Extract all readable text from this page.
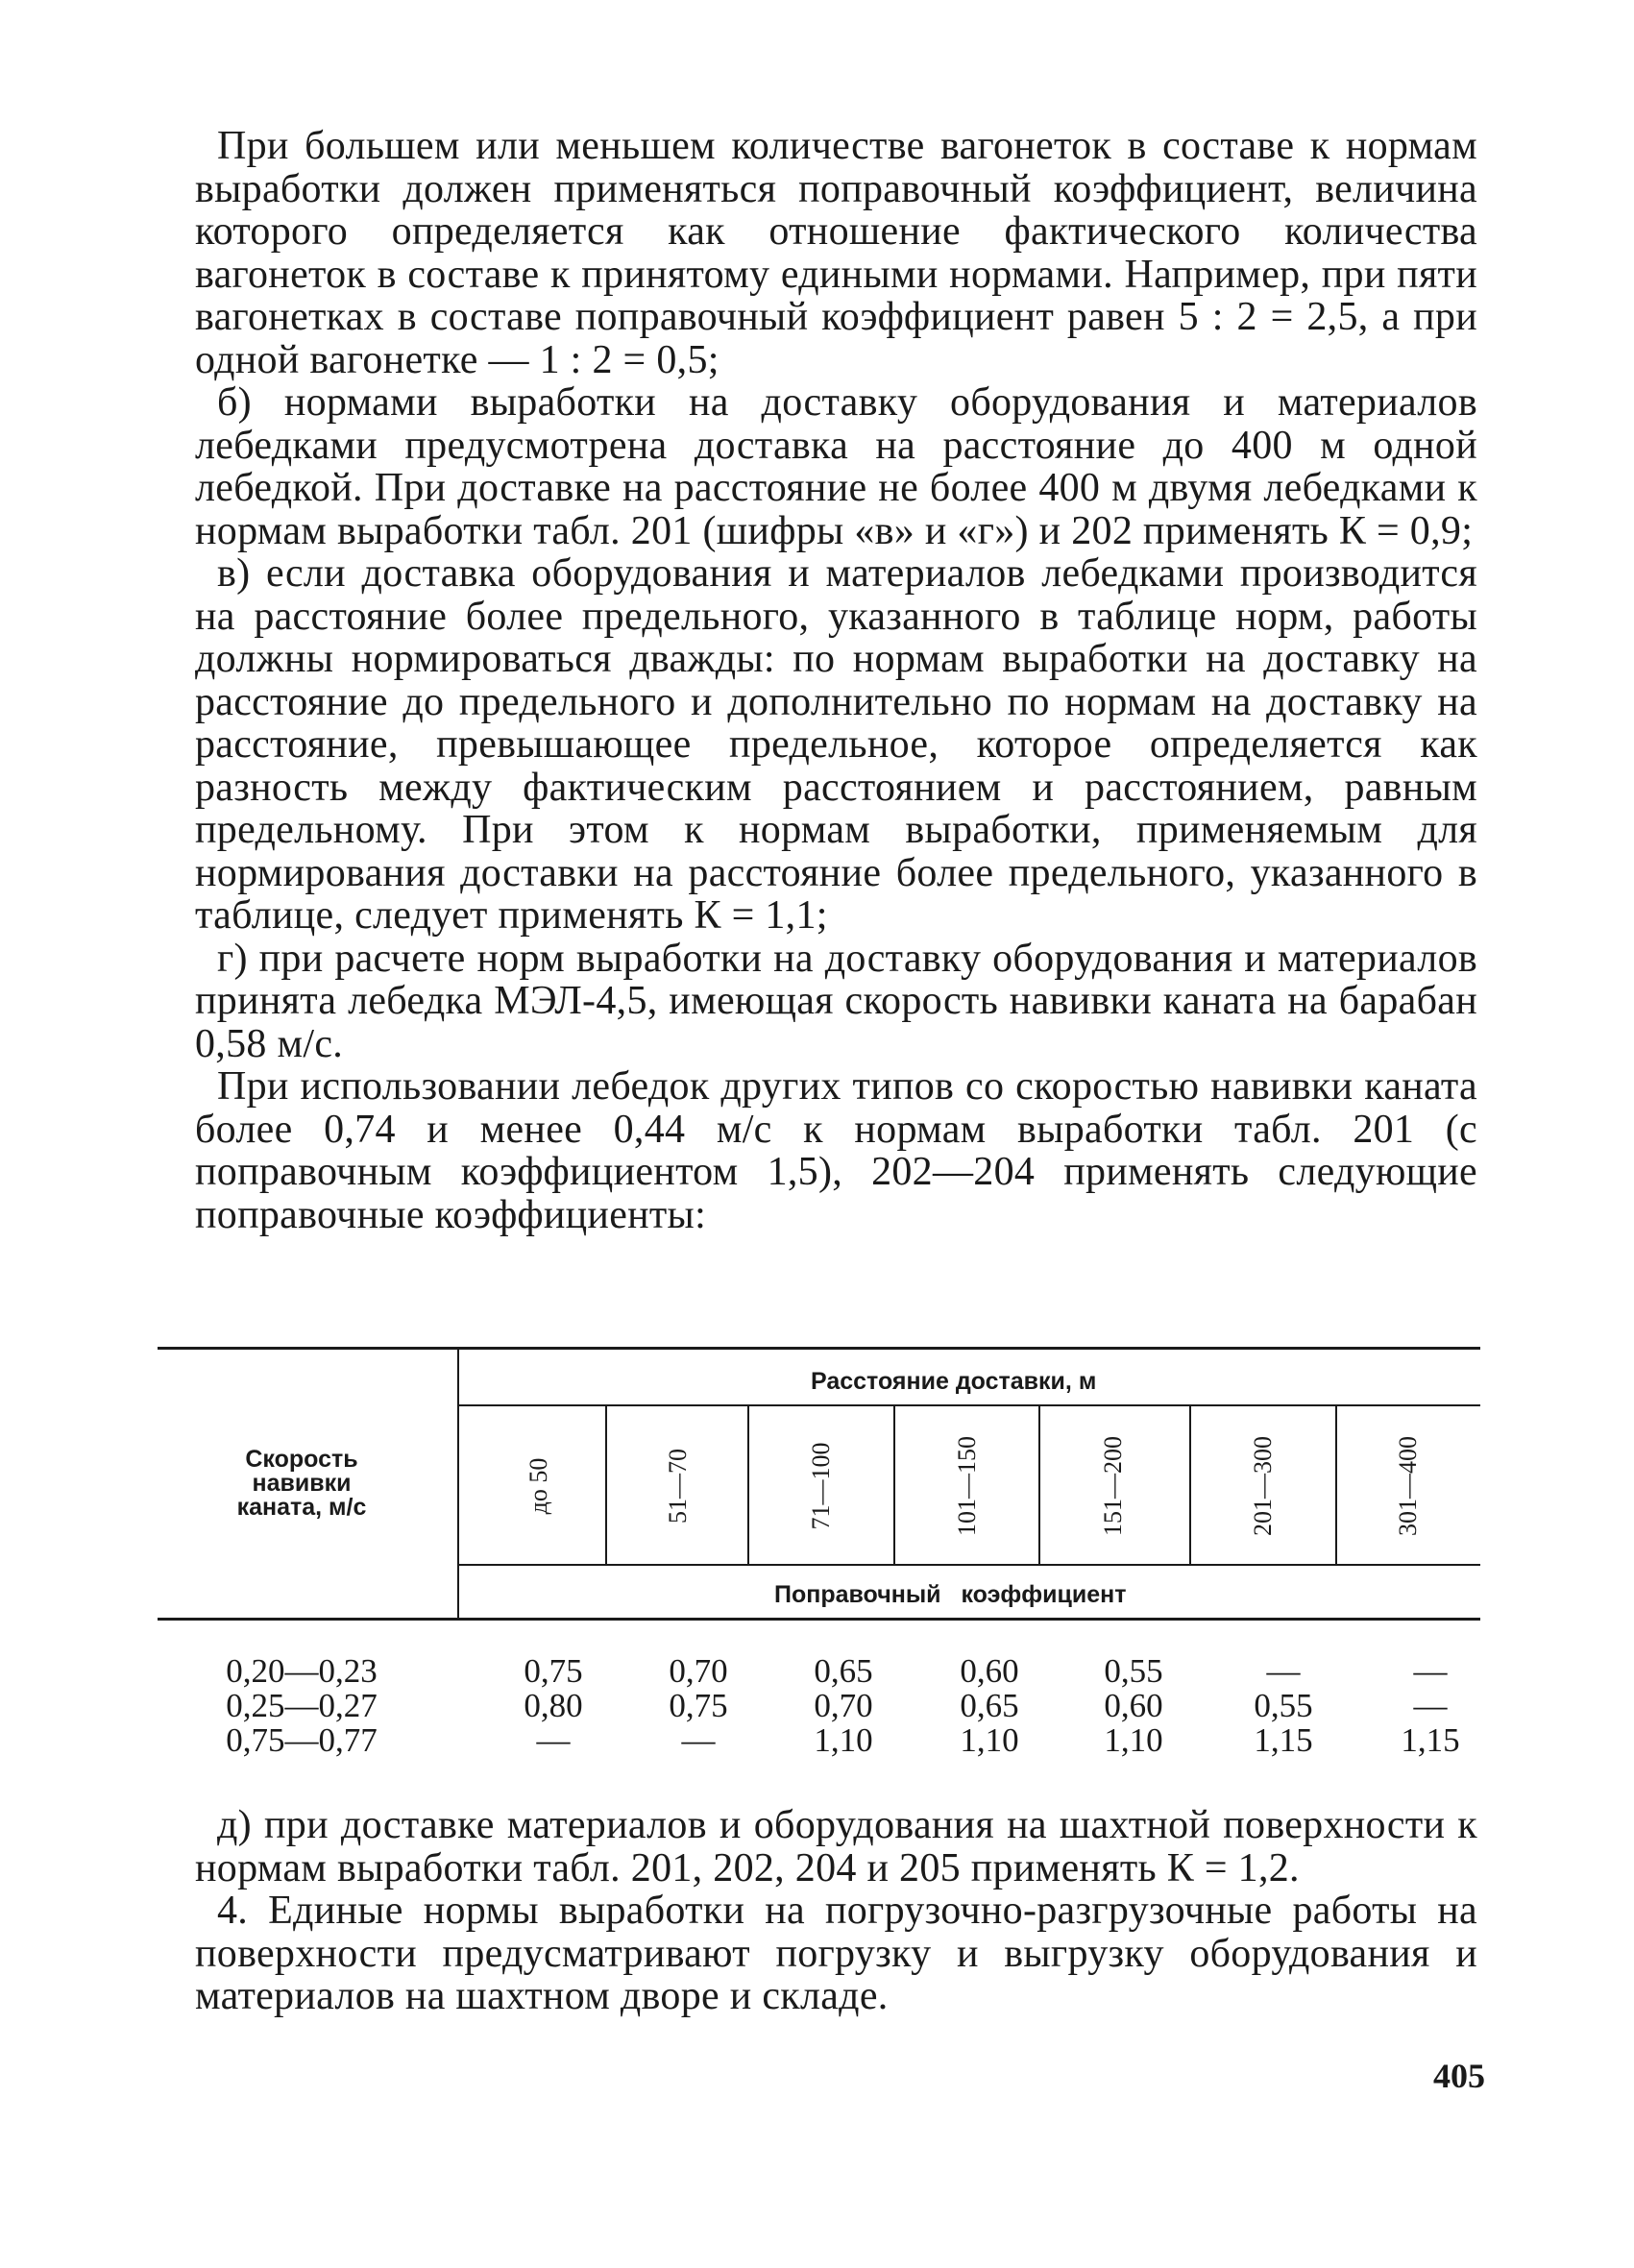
При большем или меньшем количестве вагонеток в составе к нормам выработки должен применяться поправочный коэффициент, величина которого определяется как отношение фактического количества вагонеток в составе к принятому едиными нормами. Например, при пяти вагонетках в составе поправочный коэффициент равен 5 : 2 = 2,5, а при одной вагонетке — 1 : 2 = 0,5;

б) нормами выработки на доставку оборудования и материалов лебедками предусмотрена доставка на расстояние до 400 м одной лебедкой. При доставке на расстояние не более 400 м двумя лебедками к нормам выработки табл. 201 (шифры «в» и «г») и 202 применять К = 0,9;

в) если доставка оборудования и материалов лебедками производится на расстояние более предельного, указанного в таблице норм, работы должны нормироваться дважды: по нормам выработки на доставку на расстояние до предельного и дополнительно по нормам на доставку на расстояние, превышающее предельное, которое определяется как разность между фактическим расстоянием и расстоянием, равным предельному. При этом к нормам выработки, применяемым для нормирования доставки на расстояние более предельного, указанного в таблице, следует применять К = 1,1;

г) при расчете норм выработки на доставку оборудования и материалов принята лебедка МЭЛ-4,5, имеющая скорость навивки каната на барабан 0,58 м/с.

При использовании лебедок других типов со скоростью навивки каната более 0,74 и менее 0,44 м/с к нормам выработки табл. 201 (с поправочным коэффициентом 1,5), 202—204 применять следующие поправочные коэффициенты:

Скорость
навивки
каната, м/с
Расстояние доставки, м
Поправочный коэффициент
до 50	51—70	71—100	101—150	151—200	201—300	301—400
0,20—0,23	0,75	0,70	0,65	0,60	0,55	—	—
0,25—0,27	0,80	0,75	0,70	0,65	0,60	0,55	—
0,75—0,77	—	—	1,10	1,10	1,10	1,15	1,15

д) при доставке материалов и оборудования на шахтной поверхности к нормам выработки табл. 201, 202, 204 и 205 применять К = 1,2.

4. Единые нормы выработки на погрузочно-разгрузочные работы на поверхности предусматривают погрузку и выгрузку оборудования и материалов на шахтном дворе и складе.

405
